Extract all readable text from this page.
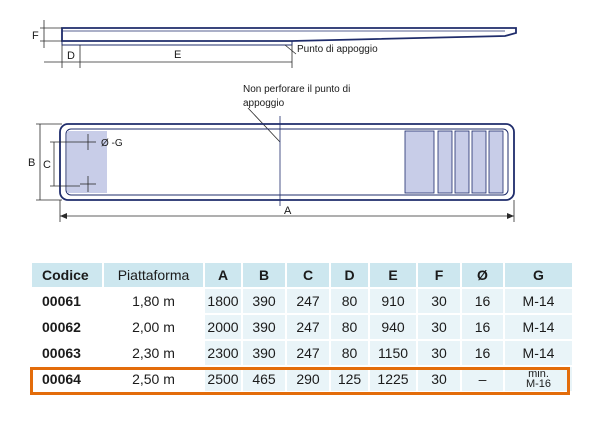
F
D	E	Punto di appoggio
Non perforare il punto di
appoggio
Ø -G
B C
A
Codice	Piattaforma	A	B	C	D	E	F	Ø	G
00061	1,80 m	1800	390	247	80	910	30	16	M-14
00062	2,00 m	2000	390	247	80	940	30	16	M-14
00063	2,30 m	2300	390	247	80	1150	30	16	M-14
00064	2,50 m	2500	465	290	125	1225	30	–	min.
M-16
